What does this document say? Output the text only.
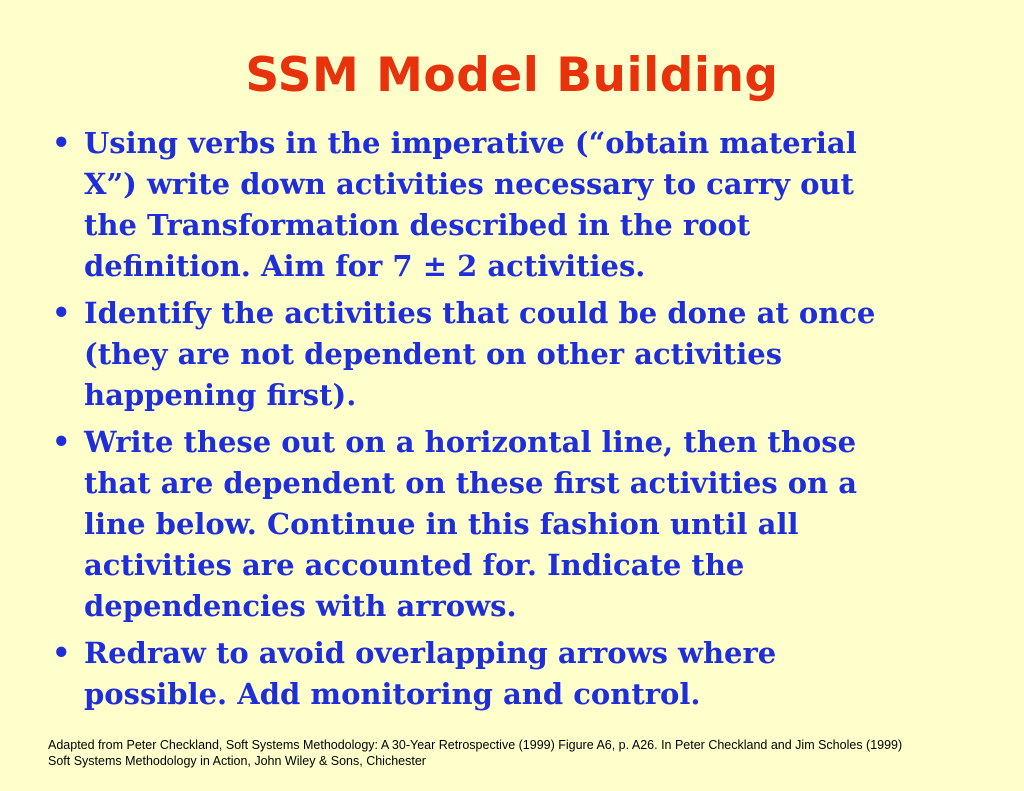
SSM Model Building
• Using verbs in the imperative (“obtain material
X”) write down activities necessary to carry out
the Transformation described in the root
definition. Aim for 7 ± 2 activities.
• Identify the activities that could be done at once
(they are not dependent on other activities
happening first).
• Write these out on a horizontal line, then those
that are dependent on these first activities on a
line below. Continue in this fashion until all
activities are accounted for. Indicate the
dependencies with arrows.
• Redraw to avoid overlapping arrows where
possible. Add monitoring and control.
Adapted from Peter Checkland, Soft Systems Methodology: A 30-Year Retrospective (1999) Figure A6, p. A26. In Peter Checkland and Jim Scholes (1999)
Soft Systems Methodology in Action, John Wiley & Sons, Chichester
